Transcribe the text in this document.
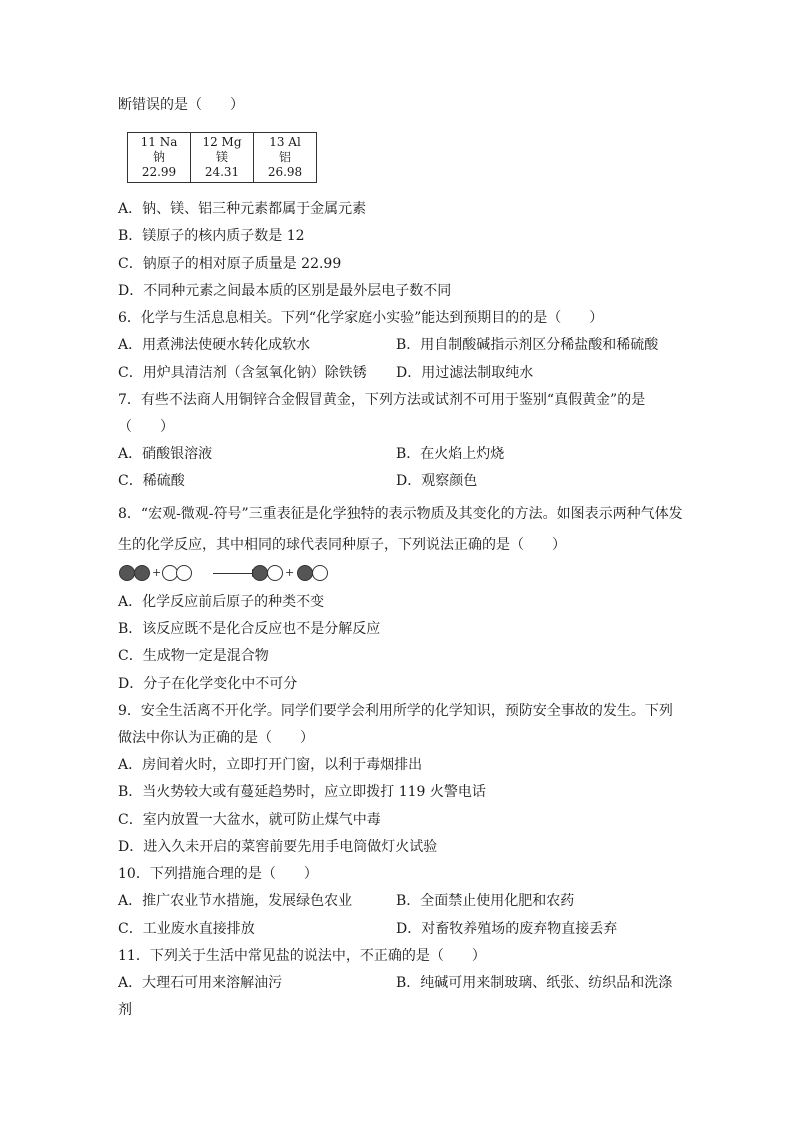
断错误的是（　　）
11 Na
钠
22.99

12 Mg
镁
24.31

13 Al
铝
26.98
A．钠、镁、铝三种元素都属于金属元素
B．镁原子的核内质子数是 12
C．钠原子的相对原子质量是 22.99
D．不同种元素之间最本质的区别是最外层电子数不同
6．化学与生活息息相关。下列“化学家庭小实验”能达到预期目的的是（　　）
A．用煮沸法使硬水转化成软水	B．用自制酸碱指示剂区分稀盐酸和稀硫酸
C．用炉具清洁剂（含氢氧化钠）除铁锈 D．用过滤法制取纯水
7．有些不法商人用铜锌合金假冒黄金，下列方法或试剂不可用于鉴别“真假黄金”的是
（　　）
A．硝酸银溶液	B．在火焰上灼烧
C．稀硫酸	D．观察颜色
8．“宏观-微观-符号”三重表征是化学独特的表示物质及其变化的方法。如图表示两种气体发
生的化学反应，其中相同的球代表同种原子，下列说法正确的是（　　）
+	+
A．化学反应前后原子的种类不变
B．该反应既不是化合反应也不是分解反应
C．生成物一定是混合物
D．分子在化学变化中不可分
9．安全生活离不开化学。同学们要学会利用所学的化学知识，预防安全事故的发生。下列
做法中你认为正确的是（　　）
A．房间着火时，立即打开门窗，以利于毒烟排出
B．当火势较大或有蔓延趋势时，应立即拨打 119 火警电话
C．室内放置一大盆水，就可防止煤气中毒
D．进入久未开启的菜窖前要先用手电筒做灯火试验
10．下列措施合理的是（　　）
A．推广农业节水措施，发展绿色农业	B．全面禁止使用化肥和农药
C．工业废水直接排放	D．对畜牧养殖场的废弃物直接丢弃
11．下列关于生活中常见盐的说法中，不正确的是（　　）
A．大理石可用来溶解油污	B．纯碱可用来制玻璃、纸张、纺织品和洗涤
剂
